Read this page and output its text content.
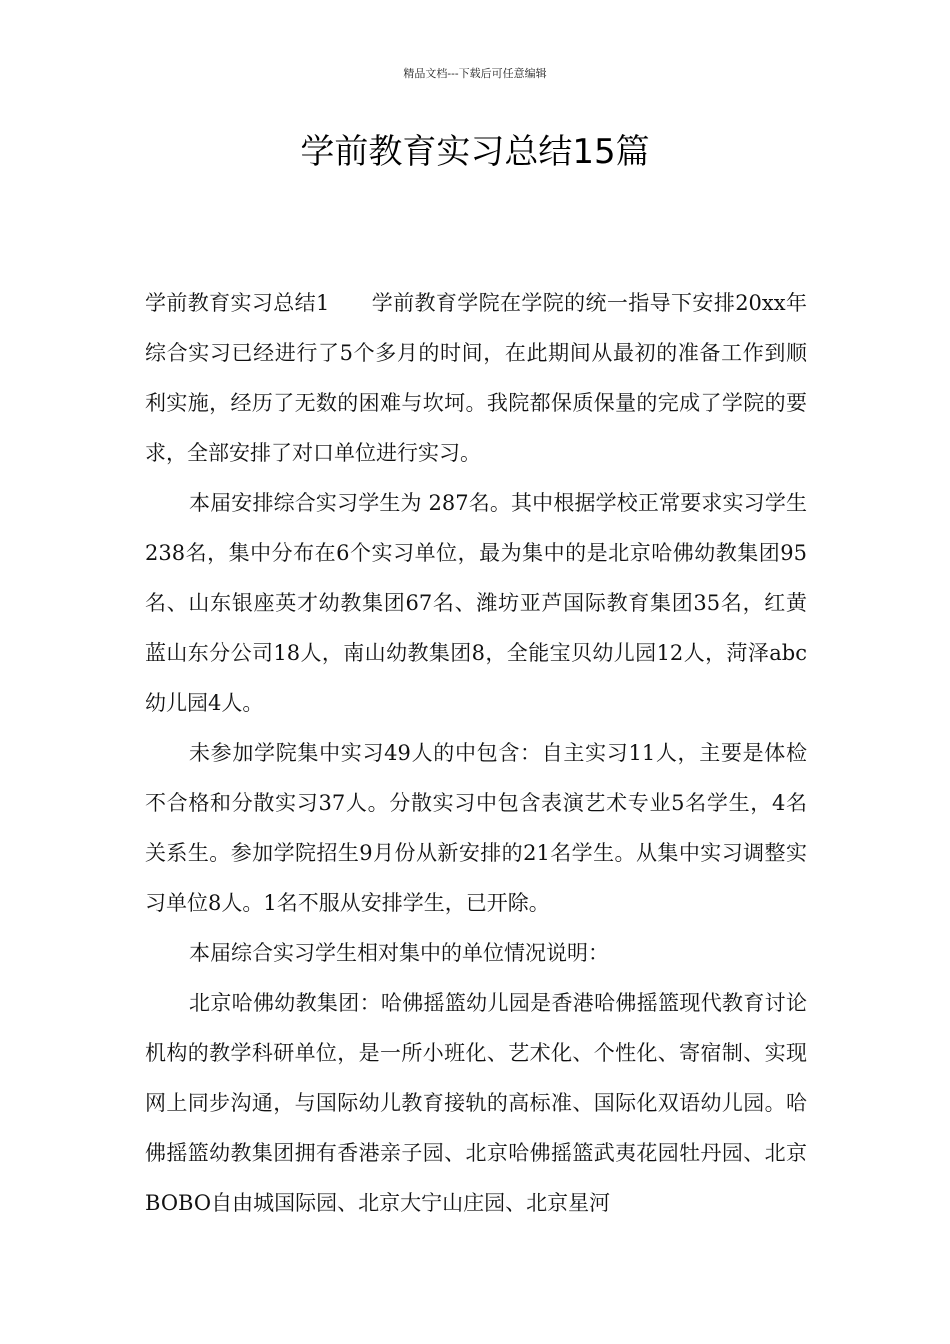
精品文档---下载后可任意编辑
学前教育实习总结15篇

学前教育实习总结1 学前教育学院在学院的统一指导下安排20xx年综合实习已经进行了5个多月的时间，在此期间从最初的准备工作到顺利实施，经历了无数的困难与坎坷。我院都保质保量的完成了学院的要求，全部安排了对口单位进行实习。

本届安排综合实习学生为 287名。其中根据学校正常要求实习学生238名，集中分布在6个实习单位，最为集中的是北京哈佛幼教集团95名、山东银座英才幼教集团67名、潍坊亚芦国际教育集团35名，红黄蓝山东分公司18人，南山幼教集团8，全能宝贝幼儿园12人，菏泽abc幼儿园4人。

未参加学院集中实习49人的中包含：自主实习11人，主要是体检不合格和分散实习37人。分散实习中包含表演艺术专业5名学生，4名关系生。参加学院招生9月份从新安排的21名学生。从集中实习调整实习单位8人。1名不服从安排学生，已开除。

本届综合实习学生相对集中的单位情况说明：

北京哈佛幼教集团：哈佛摇篮幼儿园是香港哈佛摇篮现代教育讨论机构的教学科研单位，是一所小班化、艺术化、个性化、寄宿制、实现网上同步沟通，与国际幼儿教育接轨的高标准、国际化双语幼儿园。哈佛摇篮幼教集团拥有香港亲子园、北京哈佛摇篮武夷花园牡丹园、北京BOBO自由城国际园、北京大宁山庄园、北京星河
